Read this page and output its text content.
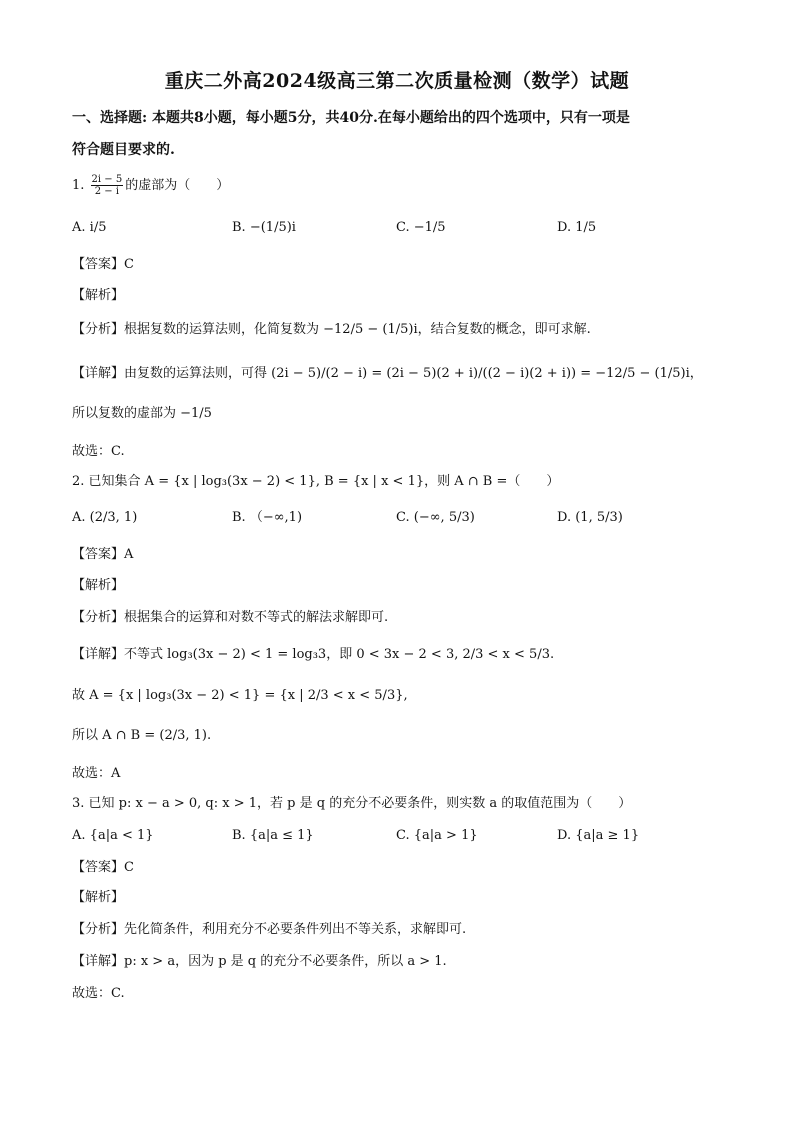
重庆二外高2024级高三第二次质量检测（数学）试题
一、选择题: 本题共8小题，每小题5分，共40分.在每小题给出的四个选项中，只有一项是
符合题目要求的.
1. $\frac{2i - 5}{2 - i}$ 的虚部为（　　）
A. i/5	B. −(1/5)i	C. −1/5	D. 1/5
【答案】C
【解析】
【分析】根据复数的运算法则，化简复数为 −12/5 − (1/5)i，结合复数的概念，即可求解.
【详解】由复数的运算法则，可得 (2i − 5)/(2 − i) = (2i − 5)(2 + i)/((2 − i)(2 + i)) = −12/5 − (1/5)i，
所以复数的虚部为 −1/5
故选：C.
2. 已知集合 A = {x | log₃(3x − 2) < 1}, B = {x | x < 1}，则 A ∩ B =（　　）
A. (2/3, 1)	B. （−∞,1)	C. (−∞, 5/3)	D. (1, 5/3)
【答案】A
【解析】
【分析】根据集合的运算和对数不等式的解法求解即可.
【详解】不等式 log₃(3x − 2) < 1 = log₃3，即 0 < 3x − 2 < 3, 2/3 < x < 5/3.
故 A = {x | log₃(3x − 2) < 1} = {x | 2/3 < x < 5/3},
所以 A ∩ B = (2/3, 1).
故选：A
3. 已知 p: x − a > 0, q: x > 1，若 p 是 q 的充分不必要条件，则实数 a 的取值范围为（　　）
A. {a|a < 1}	B. {a|a ≤ 1}	C. {a|a > 1}	D. {a|a ≥ 1}
【答案】C
【解析】
【分析】先化简条件，利用充分不必要条件列出不等关系，求解即可.
【详解】p: x > a，因为 p 是 q 的充分不必要条件，所以 a > 1.
故选：C.
